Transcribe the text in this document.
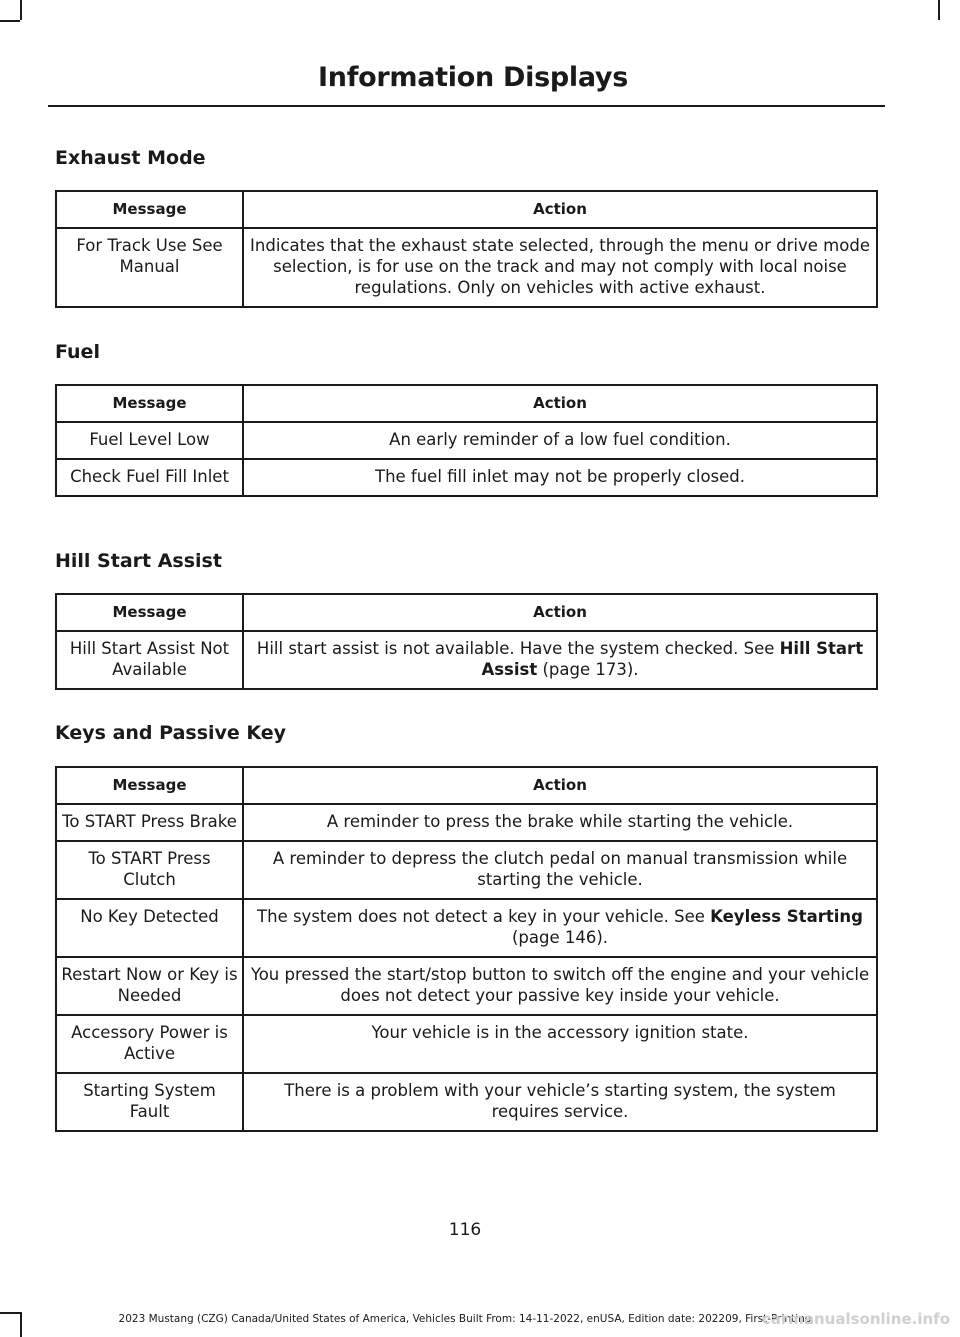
Information Displays
Exhaust Mode
Message	Action
For Track Use See Manual	Indicates that the exhaust state selected, through the menu or drive mode selection, is for use on the track and may not comply with local noise regulations. Only on vehicles with active exhaust.
Fuel
Message	Action
Fuel Level Low	An early reminder of a low fuel condition.
Check Fuel Fill Inlet	The fuel fill inlet may not be properly closed.
Hill Start Assist
Message	Action
Hill Start Assist Not Available	Hill start assist is not available. Have the system checked. See Hill Start Assist (page 173).
Keys and Passive Key
Message	Action
To START Press Brake	A reminder to press the brake while starting the vehicle.
To START Press Clutch	A reminder to depress the clutch pedal on manual transmission while starting the vehicle.
No Key Detected	The system does not detect a key in your vehicle. See Keyless Starting (page 146).
Restart Now or Key is Needed	You pressed the start/stop button to switch off the engine and your vehicle does not detect your passive key inside your vehicle.
Accessory Power is Active	Your vehicle is in the accessory ignition state.
Starting System Fault	There is a problem with your vehicle’s starting system, the system requires service.
116
2023 Mustang (CZG) Canada/United States of America, Vehicles Built From: 14-11-2022, enUSA, Edition date: 202209, First-Printing
carmanualsonline.info
